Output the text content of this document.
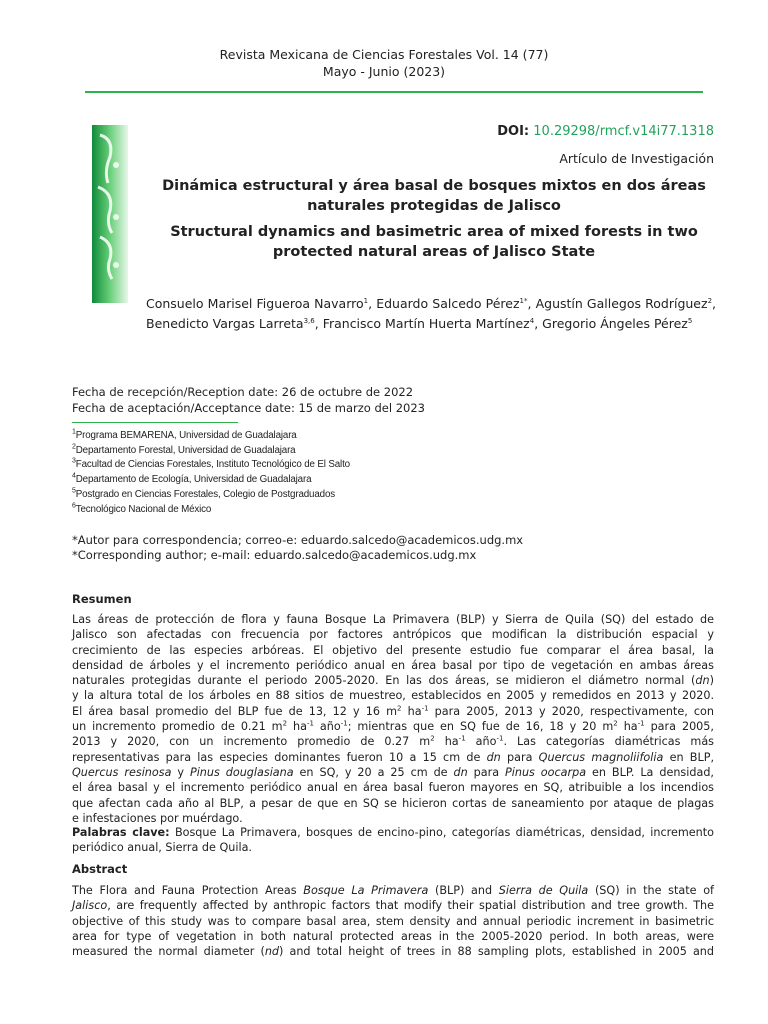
Revista Mexicana de Ciencias Forestales Vol. 14 (77)
Mayo - Junio (2023)
DOI: 10.29298/rmcf.v14i77.1318
Artículo de Investigación
Dinámica estructural y área basal de bosques mixtos en dos áreas naturales protegidas de Jalisco
Structural dynamics and basimetric area of mixed forests in two protected natural areas of Jalisco State
Consuelo Marisel Figueroa Navarro$^1$, Eduardo Salcedo Pérez$^{1*}$, Agustín Gallegos Rodríguez$^2$, Benedicto Vargas Larreta$^{3,6}$, Francisco Martín Huerta Martínez$^4$, Gregorio Ángeles Pérez$^5$
Fecha de recepción/Reception date: 26 de octubre de 2022
Fecha de aceptación/Acceptance date: 15 de marzo del 2023
$^1$Programa BEMARENA, Universidad de Guadalajara
$^2$Departamento Forestal, Universidad de Guadalajara
$^3$Facultad de Ciencias Forestales, Instituto Tecnológico de El Salto
$^4$Departamento de Ecología, Universidad de Guadalajara
$^5$Postgrado en Ciencias Forestales, Colegio de Postgraduados
$^6$Tecnológico Nacional de México
*Autor para correspondencia; correo-e: eduardo.salcedo@academicos.udg.mx
*Corresponding author; e-mail: eduardo.salcedo@academicos.udg.mx
Resumen
Las áreas de protección de flora y fauna Bosque La Primavera (BLP) y Sierra de Quila (SQ) del estado de
Jalisco son afectadas con frecuencia por factores antrópicos que modifican la distribución espacial y
crecimiento de las especies arbóreas. El objetivo del presente estudio fue comparar el área basal, la
densidad de árboles y el incremento periódico anual en área basal por tipo de vegetación en ambas áreas
naturales protegidas durante el periodo 2005-2020. En las dos áreas, se midieron el diámetro normal (dn)
y la altura total de los árboles en 88 sitios de muestreo, establecidos en 2005 y remedidos en 2013 y 2020.
El área basal promedio del BLP fue de 13, 12 y 16 $m^2$ $ha^{-1}$ para 2005, 2013 y 2020, respectivamente, con
un incremento promedio de 0.21 $m^2$ $ha^{-1}$ año$^{-1}$; mientras que en SQ fue de 16, 18 y 20 $m^2$ $ha^{-1}$ para 2005,
2013 y 2020, con un incremento promedio de 0.27 $m^2$ $ha^{-1}$ año$^{-1}$. Las categorías diamétricas más
representativas para las especies dominantes fueron 10 a 15 cm de dn para Quercus magnoliifolia en BLP,
Quercus resinosa y Pinus douglasiana en SQ, y 20 a 25 cm de dn para Pinus oocarpa en BLP. La densidad,
el área basal y el incremento periódico anual en área basal fueron mayores en SQ, atribuible a los incendios
que afectan cada año al BLP, a pesar de que en SQ se hicieron cortas de saneamiento por ataque de plagas
e infestaciones por muérdago.
Palabras clave: Bosque La Primavera, bosques de encino-pino, categorías diamétricas, densidad, incremento periódico anual, Sierra de Quila.
Abstract
The Flora and Fauna Protection Areas Bosque La Primavera (BLP) and Sierra de Quila (SQ) in the state of
Jalisco, are frequently affected by anthropic factors that modify their spatial distribution and tree growth. The
objective of this study was to compare basal area, stem density and annual periodic increment in basimetric
area for type of vegetation in both natural protected areas in the 2005-2020 period. In both areas, were
measured the normal diameter (nd) and total height of trees in 88 sampling plots, established in 2005 and
